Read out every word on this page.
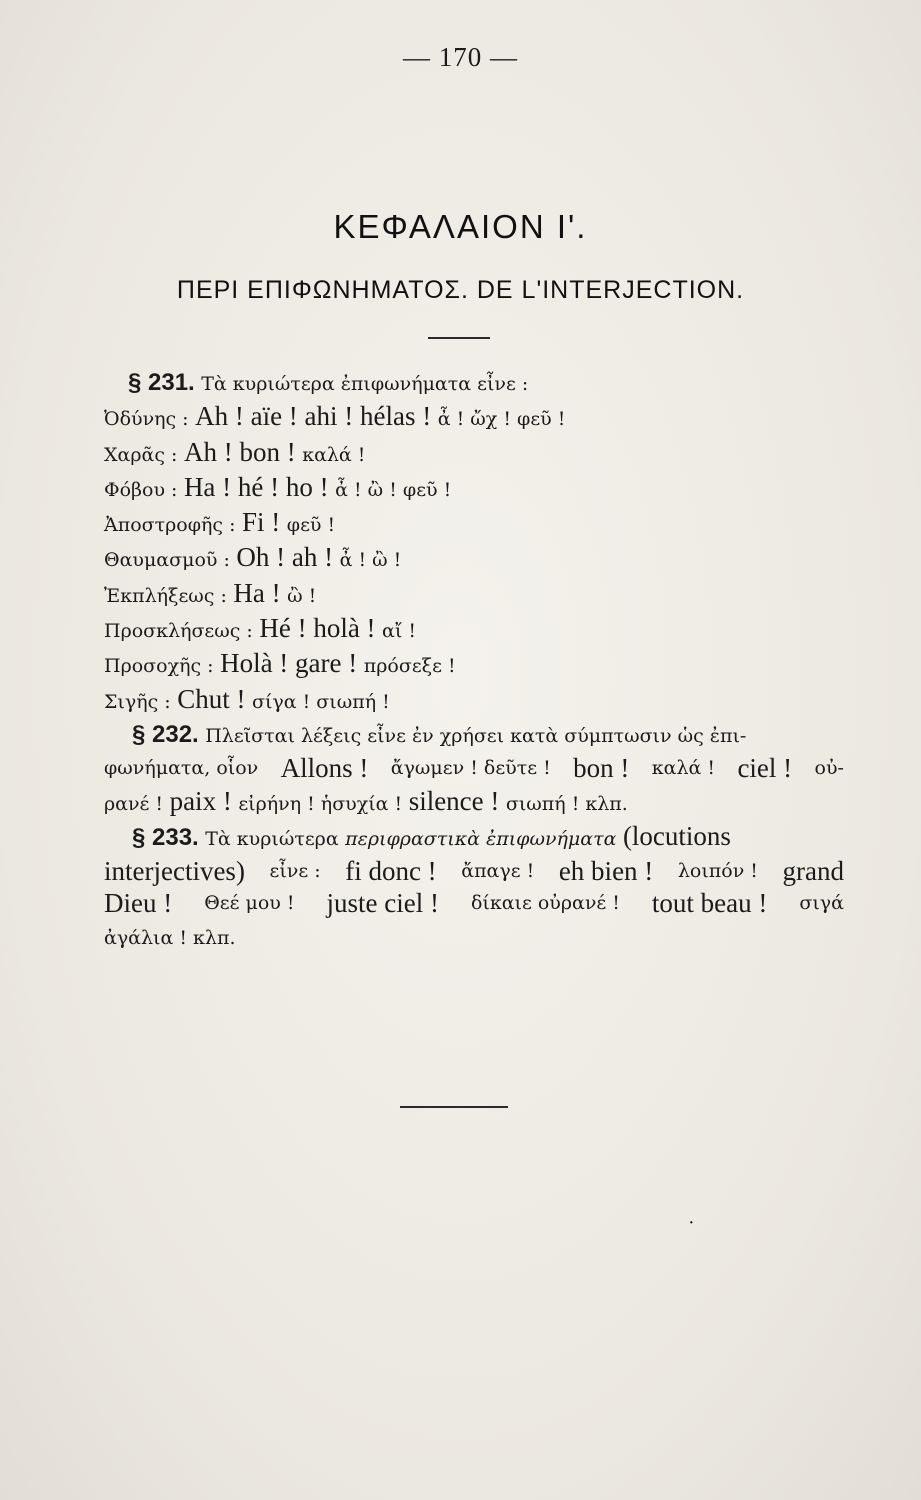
— 170 —
ΚΕΦΑΛΑΙΟΝ Ι'.
ΠΕΡΙ ΕΠΙΦΩΝΗΜΑΤΟΣ. DE L'INTERJECTION.
§ 231. Τὰ κυριώτερα ἐπιφωνήματα εἶνε :
Ὀδύνης : Ah ! aïe ! ahi ! hélas ! ἆ ! ὤχ ! φεῦ !
Χαρᾶς : Ah ! bon ! καλά !
Φόβου : Ha ! hé ! ho ! ἆ ! ὢ ! φεῦ !
Ἀποστροφῆς : Fi ! φεῦ !
Θαυμασμοῦ : Oh ! ah ! ἆ ! ὢ !
Ἐκπλήξεως : Ha ! ὢ !
Προσκλήσεως : Hé ! holà ! αἴ !
Προσοχῆς : Holà ! gare ! πρόσεξε !
Σιγῆς : Chut ! σίγα ! σιωπή !
§ 232. Πλεῖσται λέξεις εἶνε ἐν χρήσει κατὰ σύμπτωσιν ὡς ἐπι-
φωνήματα, οἷον Allons ! ἄγωμεν ! δεῦτε ! bon ! καλά ! ciel ! οὐ-
ρανέ ! paix ! εἰρήνη ! ἡσυχία ! silence ! σιωπή ! κλπ.
§ 233. Τὰ κυριώτερα περιφραστικὰ ἐπιφωνήματα (locutions
interjectives) εἶνε : fi donc ! ἄπαγε ! eh bien ! λοιπόν ! grand
Dieu ! Θεέ μου ! juste ciel ! δίκαιε οὐρανέ ! tout beau ! σιγά
ἀγάλια ! κλπ.
·
